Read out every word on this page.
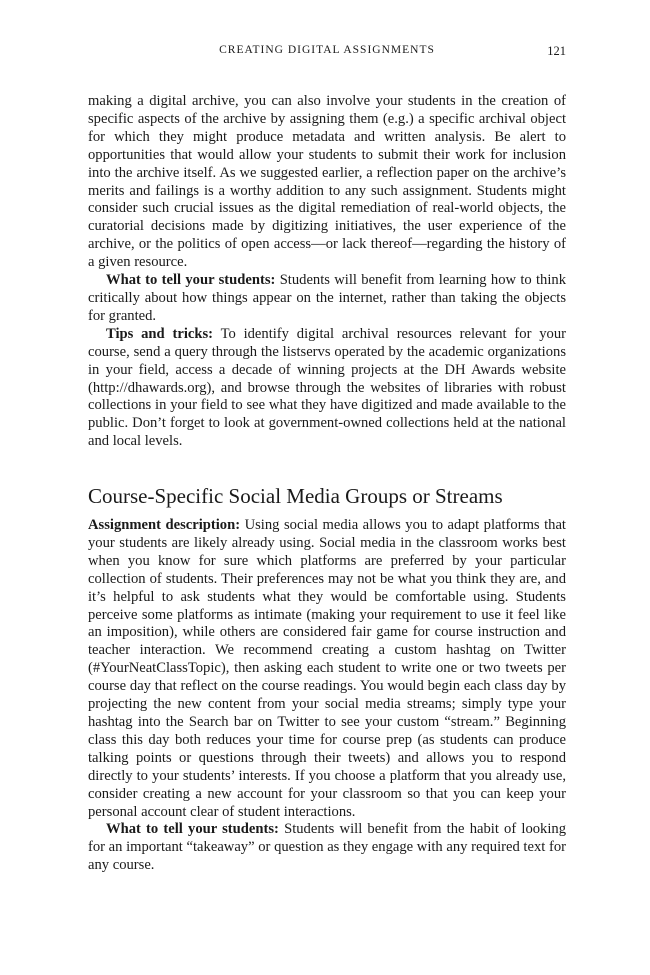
CREATING DIGITAL ASSIGNMENTS	121

making a digital archive, you can also involve your students in the creation of specific aspects of the archive by assigning them (e.g.) a specific archival object for which they might produce metadata and written analysis. Be alert to opportunities that would allow your students to submit their work for inclusion into the archive itself. As we suggested earlier, a reflection paper on the archive’s merits and failings is a worthy addition to any such assignment. Students might consider such crucial issues as the digital remediation of real-world objects, the curatorial decisions made by digitizing initiatives, the user experience of the archive, or the politics of open access—or lack thereof—regarding the history of a given resource.

What to tell your students: Students will benefit from learning how to think critically about how things appear on the internet, rather than taking the objects for granted.

Tips and tricks: To identify digital archival resources relevant for your course, send a query through the listservs operated by the academic organizations in your field, access a decade of winning projects at the DH Awards website (http://dhawards.org), and browse through the websites of libraries with robust collections in your field to see what they have digitized and made available to the public. Don’t forget to look at government-owned collections held at the national and local levels.

Course-Specific Social Media Groups or Streams

Assignment description: Using social media allows you to adapt platforms that your students are likely already using. Social media in the classroom works best when you know for sure which platforms are preferred by your particular collection of students. Their preferences may not be what you think they are, and it’s helpful to ask students what they would be comfortable using. Students perceive some platforms as intimate (making your requirement to use it feel like an imposition), while others are considered fair game for course instruction and teacher interaction. We recommend creating a custom hashtag on Twitter (#YourNeatClassTopic), then asking each student to write one or two tweets per course day that reflect on the course readings. You would begin each class day by projecting the new content from your social media streams; simply type your hashtag into the Search bar on Twitter to see your custom “stream.” Beginning class this day both reduces your time for course prep (as students can produce talking points or questions through their tweets) and allows you to respond directly to your students’ interests. If you choose a platform that you already use, consider creating a new account for your classroom so that you can keep your personal account clear of student interactions.

What to tell your students: Students will benefit from the habit of looking for an important “takeaway” or question as they engage with any required text for any course.
